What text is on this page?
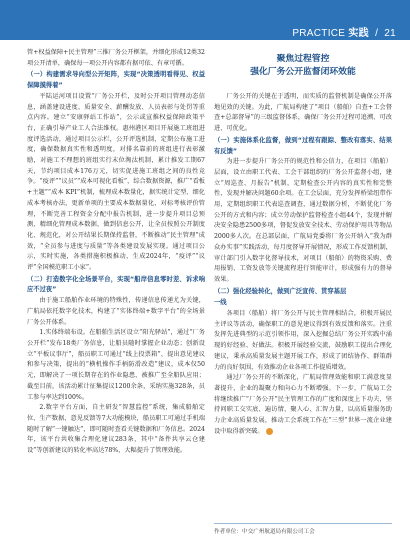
PRACTICE 实践 / 21

管+权益保障+民主管理”三推厂务公开框架，并细化形成12类32项公开清单，确保每一项公开内容都有据可依、有章可循。

（一）构建需求导向型公开矩阵，实现“决策透明看得见、权益保障摸得着”

平陆运河项目设置“厂务公开栏，及时公开项目管理动态信息，涵盖建设进度、质量安全、薪酬发放、人员表彰与处罚等重点内容。建立“安康驿站工作站”，公示或宣推权益保障政策平台，正确引导产业工人合法维权。惠州港区项目开展施工班组进度评选活动，通过项目公示栏，公开评选机制，定期公布施工进度，确保数据真实性和透明度，对排名靠前的班组进行表彰激励，对施工不理想的班组实行末位淘汰机制，累计推发工期67天，节约项目成本176万元，切实促进施工班组之间的良性竞争。“疫评”“议员”“成本可视化看板”，综合数据资源，推广“看板+主题”“成本 KPI”机制，梳理成本数量化，据实统计定型、细化成本考核办法，更新单项的主要成本数据量化，对标考核评价管理，不断完善工程资金分配中报告机制，进一步提升项目总预测、精细化管理成本数据，做到信息公开，让全员按照公开制度化、规范化，对公开结果长期保持监督，不断推动“民主管理”成效，“全员参与进度与质量”等各类建设发展实现。通过项目公示，实时实施，各类措施积极推动，生成2024年，“疫评”“议评”全国模范职工小家”。

（二）打造数字化全场景平台，实现“船岸信息零时差、诉求响应不过夜”

由于施工船舶作业环境的特殊性，传递信息传递尤为关键，广航局依托数字化技术，构建了“实体终端+数字平台”的全场景厂务公开体系。

1.实体终端布设。在船舶生活区设立“阳光驿站”，通过“厂务公开栏”发布18类厂务信息，让船员随时掌握企业动态；创新设立“平板议事厅”，船员职工可通过“线上投票箱”、提出意见建议和参与决策，提出的“横机操作手柄防滑改造”建议，成本仅50元，即解决了一项长期存在的作业隐患，被推广至全船队应用；截至目前，该活动累计征集提议1200余条，采纳实施328条，员工参与率达到100%。

2.数字平台方面，自主研发“智慧监控”系统，集成船舶定位、生产数据、意见反馈等7大功能模块，船员职工可通过手机端随时了解“一键触达”，即可随时查看关键数据和厂务信息。2024年，该平台共收集合理化建议283条，其中“备件共享云仓建设”等创新建议的转化率高达78%，大幅提升了管理效能。

聚焦过程管控
强化厂务公开监督闭环效能

厂务公开的关键在于透明，而实质的监督机制是确保公开落地见效的关键。为此，广航局构建了“项目（船舶）自查+工会督查+总部督导”的三级监督体系，确保厂务公开过程可追溯、可改进、可优化。

（一）实施体系化监督，做到“过程有跟踪、整改有落实、结果有反馈”

为进一步提升厂务公开的规范性和公信力，在项目（船舶）层面，设立由职工代表、工会干部组织的厂务公开监督小组，建立“周巡查、月报告”机制，定期检查公开内容的真实性和完整性，发现并解决问题60余项。在工会层面，充分发挥桥梁纽带作用，定期组织职工代表巡查调查，通过数据分析，不断优化厂务公开的方式和内容；成立劳动保护监督检查小组44个，发现并解决安全隐患2500多项，督促发放安全技术、劳动保护用具等物品2000多人次。在总部层面，广航局党委将厂务公开纳入“我为群众办实事”实践活动，每月度督导开展情况，形成工作反馈机制，审计部门引入数字化督导技术，对项目（船舶）的物资采购、费用报销、工资发放等关键流程进行智能审计，形成强有力的督导效果。

（二）强化经验转化，做到广泛宣传、贯穿基层

一线

各项目（船舶）将厂务公开与民主管理相结合，积极开展民主评议等活动，确保职工的意见建议得到有效反馈和落实。注重发挥先进典型的示范引领作用，深入挖掘总结厂务公开实践中涌现的好经验、好做法。积极开展经验交流，鼓励职工提出合理化建议，秉承高质量发展主题开展工作，形成了团结协作、群策群力的良好氛围，有效推动企业各项工作提质增效。

通过厂务公开的不断深化，广航局管理效能和职工满意度显著提升，企业的凝聚力和向心力不断增强。下一步，广航局工会将继续推广“厂务公开”民主管理工作的广度和深度上下功夫，坚持问职工交实底、遍访情、聚人心、汇智力量，以高质量服务助力企业高质量发展，推动工会系统工作在“三型”世界一流企业建设中取得新突破。

作者单位：中交广州航道局有限公司工会
